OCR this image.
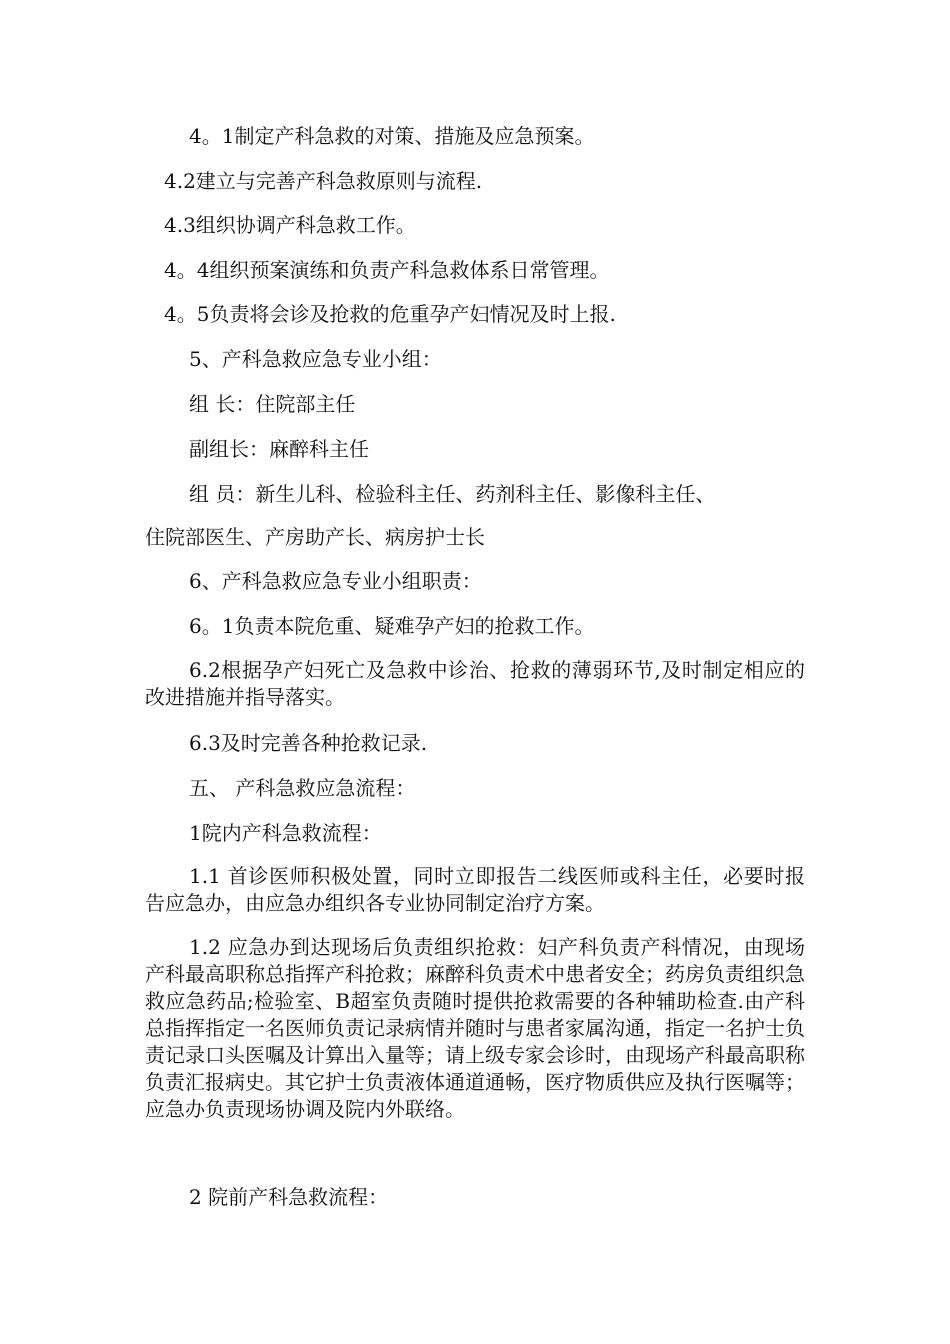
4。1制定产科急救的对策、措施及应急预案。

4.2建立与完善产科急救原则与流程.

4.3组织协调产科急救工作。

4。4组织预案演练和负责产科急救体系日常管理。

4。5负责将会诊及抢救的危重孕产妇情况及时上报.

5、产科急救应急专业小组：

组 长：住院部主任

副组长：麻醉科主任

组 员：新生儿科、检验科主任、药剂科主任、影像科主任、

住院部医生、产房助产长、病房护士长

6、产科急救应急专业小组职责：

6。1负责本院危重、疑难孕产妇的抢救工作。

6.2根据孕产妇死亡及急救中诊治、抢救的薄弱环节,及时制定相应的改进措施并指导落实。

6.3及时完善各种抢救记录.

五、 产科急救应急流程：

1院内产科急救流程：

1.1 首诊医师积极处置，同时立即报告二线医师或科主任，必要时报告应急办，由应急办组织各专业协同制定治疗方案。

1.2 应急办到达现场后负责组织抢救：妇产科负责产科情况，由现场产科最高职称总指挥产科抢救；麻醉科负责术中患者安全；药房负责组织急救应急药品;检验室、B超室负责随时提供抢救需要的各种辅助检查.由产科总指挥指定一名医师负责记录病情并随时与患者家属沟通，指定一名护士负责记录口头医嘱及计算出入量等；请上级专家会诊时，由现场产科最高职称负责汇报病史。其它护士负责液体通道通畅，医疗物质供应及执行医嘱等；应急办负责现场协调及院内外联络。

2 院前产科急救流程：
